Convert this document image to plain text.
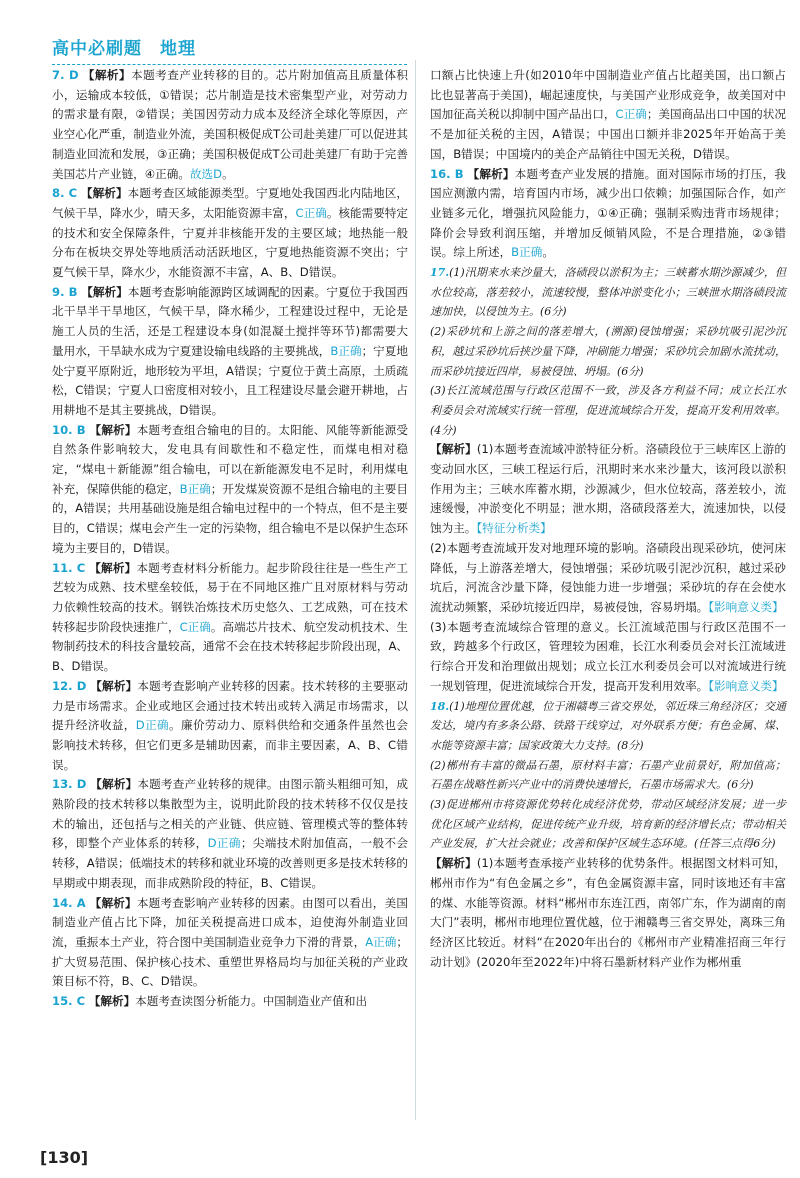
高中必刷题　地理

7. D 【解析】本题考查产业转移的目的。芯片附加值高且质量体积小，运输成本较低，①错误；芯片制造是技术密集型产业，对劳动力的需求量有限，②错误；美国因劳动力成本及经济全球化等原因，产业空心化严重，制造业外流，美国积极促成T公司赴美建厂可以促进其制造业回流和发展，③正确；美国积极促成T公司赴美建厂有助于完善美国芯片产业链，④正确。故选D。

8. C 【解析】本题考查区域能源类型。宁夏地处我国西北内陆地区，气候干旱，降水少，晴天多，太阳能资源丰富，C正确。核能需要特定的技术和安全保障条件，宁夏并非核能开发的主要区域；地热能一般分布在板块交界处等地质活动活跃地区，宁夏地热能资源不突出；宁夏气候干旱，降水少，水能资源不丰富，A、B、D错误。

9. B 【解析】本题考查影响能源跨区域调配的因素。宁夏位于我国西北干旱半干旱地区，气候干旱，降水稀少，工程建设过程中，无论是施工人员的生活，还是工程建设本身(如混凝土搅拌等环节)都需要大量用水，干旱缺水成为宁夏建设输电线路的主要挑战，B正确；宁夏地处宁夏平原附近，地形较为平坦，A错误；宁夏位于黄土高原，土质疏松，C错误；宁夏人口密度相对较小，且工程建设尽量会避开耕地，占用耕地不是其主要挑战，D错误。

10. B 【解析】本题考查组合输电的目的。太阳能、风能等新能源受自然条件影响较大，发电具有间歇性和不稳定性，而煤电相对稳定，“煤电＋新能源”组合输电，可以在新能源发电不足时，利用煤电补充，保障供能的稳定，B正确；开发煤炭资源不是组合输电的主要目的，A错误；共用基础设施是组合输电过程中的一个特点，但不是主要目的，C错误；煤电会产生一定的污染物，组合输电不是以保护生态环境为主要目的，D错误。

11. C 【解析】本题考查材料分析能力。起步阶段往往是一些生产工艺较为成熟、技术壁垒较低，易于在不同地区推广且对原材料与劳动力依赖性较高的技术。钢铁冶炼技术历史悠久、工艺成熟，可在技术转移起步阶段快速推广，C正确。高端芯片技术、航空发动机技术、生物制药技术的科技含量较高，通常不会在技术转移起步阶段出现，A、B、D错误。

12. D 【解析】本题考查影响产业转移的因素。技术转移的主要驱动力是市场需求。企业或地区会通过技术转出或转入满足市场需求，以提升经济收益，D正确。廉价劳动力、原料供给和交通条件虽然也会影响技术转移，但它们更多是辅助因素，而非主要因素，A、B、C错误。

13. D 【解析】本题考查产业转移的规律。由图示箭头粗细可知，成熟阶段的技术转移以集散型为主，说明此阶段的技术转移不仅仅是技术的输出，还包括与之相关的产业链、供应链、管理模式等的整体转移，即整个产业体系的转移，D正确；尖端技术附加值高，一般不会转移，A错误；低端技术的转移和就业环境的改善则更多是技术转移的早期或中期表现，而非成熟阶段的特征，B、C错误。

14. A 【解析】本题考查影响产业转移的因素。由图可以看出，美国制造业产值占比下降，加征关税提高进口成本，迫使海外制造业回流，重振本土产业，符合图中美国制造业竞争力下滑的背景，A正确；扩大贸易范围、保护核心技术、重塑世界格局均与加征关税的产业政策目标不符，B、C、D错误。

15. C 【解析】本题考查读图分析能力。中国制造业产值和出

口额占比快速上升(如2010年中国制造业产值占比超美国，出口额占比也显著高于美国)，崛起速度快，与美国产业形成竞争，故美国对中国加征高关税以抑制中国产品出口，C正确；美国商品出口中国的状况不是加征关税的主因，A错误；中国出口额并非2025年开始高于美国，B错误；中国境内的美企产品销往中国无关税，D错误。

16. B 【解析】本题考查产业发展的措施。面对国际市场的打压，我国应测激内需，培育国内市场，减少出口依赖；加强国际合作，如产业链多元化，增强抗风险能力，①④正确；强制采购违背市场规律；降价会导致利润压缩，并增加反倾销风险，不是合理措施，②③错误。综上所述，B正确。

17.(1)汛期来水来沙量大，洛碛段以淤积为主；三峡蓄水期沙源减少，但水位较高，落差较小，流速较慢，整体冲淤变化小；三峡泄水期洛碛段流速加快，以侵蚀为主。(6分)

(2)采砂坑和上游之间的落差增大，(溯源)侵蚀增强；采砂坑吸引泥沙沉积，越过采砂坑后挟沙量下降，冲刷能力增强；采砂坑会加剧水流扰动，而采砂坑接近四岸，易被侵蚀、坍塌。(6分)

(3)长江流域范围与行政区范围不一致，涉及各方利益不同；成立长江水利委员会对流域实行统一管理，促进流域综合开发，提高开发利用效率。(4分)

【解析】(1)本题考查流域冲淤特征分析。洛碛段位于三峡库区上游的变动回水区，三峡工程运行后，汛期时来水来沙量大，该河段以淤积作用为主；三峡水库蓄水期，沙源减少，但水位较高，落差较小，流速缓慢，冲淤变化不明显；泄水期，洛碛段落差大，流速加快，以侵蚀为主。【特征分析类】

(2)本题考查流域开发对地理环境的影响。洛碛段出现采砂坑，使河床降低，与上游落差增大，侵蚀增强；采砂坑吸引泥沙沉积，越过采砂坑后，河流含沙量下降，侵蚀能力进一步增强；采砂坑的存在会使水流扰动频繁，采砂坑接近四岸，易被侵蚀，容易坍塌。【影响意义类】

(3)本题考查流域综合管理的意义。长江流域范围与行政区范围不一致，跨越多个行政区，管理较为困难，长江水利委员会对长江流域进行综合开发和治理做出规划；成立长江水利委员会可以对流域进行统一规划管理，促进流域综合开发，提高开发利用效率。【影响意义类】

18.(1)地理位置优越，位于湘赣粤三省交界处，邻近珠三角经济区；交通发达，境内有多条公路、铁路干线穿过，对外联系方便；有色金属、煤、水能等资源丰富；国家政策大力支持。(8分)

(2)郴州有丰富的微晶石墨，原材料丰富；石墨产业前景好，附加值高；石墨在战略性新兴产业中的消费快速增长，石墨市场需求大。(6分)

(3)促进郴州市将资源优势转化成经济优势，带动区域经济发展；进一步优化区域产业结构，促进传统产业升级，培育新的经济增长点；带动相关产业发展，扩大社会就业；改善和保护区域生态环境。(任答三点得6分)

【解析】(1)本题考查承接产业转移的优势条件。根据图文材料可知，郴州市作为“有色金属之乡”，有色金属资源丰富，同时该地还有丰富的煤、水能等资源。材料“郴州市东连江西，南邻广东，作为湖南的南大门”表明，郴州市地理位置优越，位于湘赣粤三省交界处，离珠三角经济区比较近。材料“在2020年出台的《郴州市产业精准招商三年行动计划》(2020年至2022年)中将石墨新材料产业作为郴州重

[130]
